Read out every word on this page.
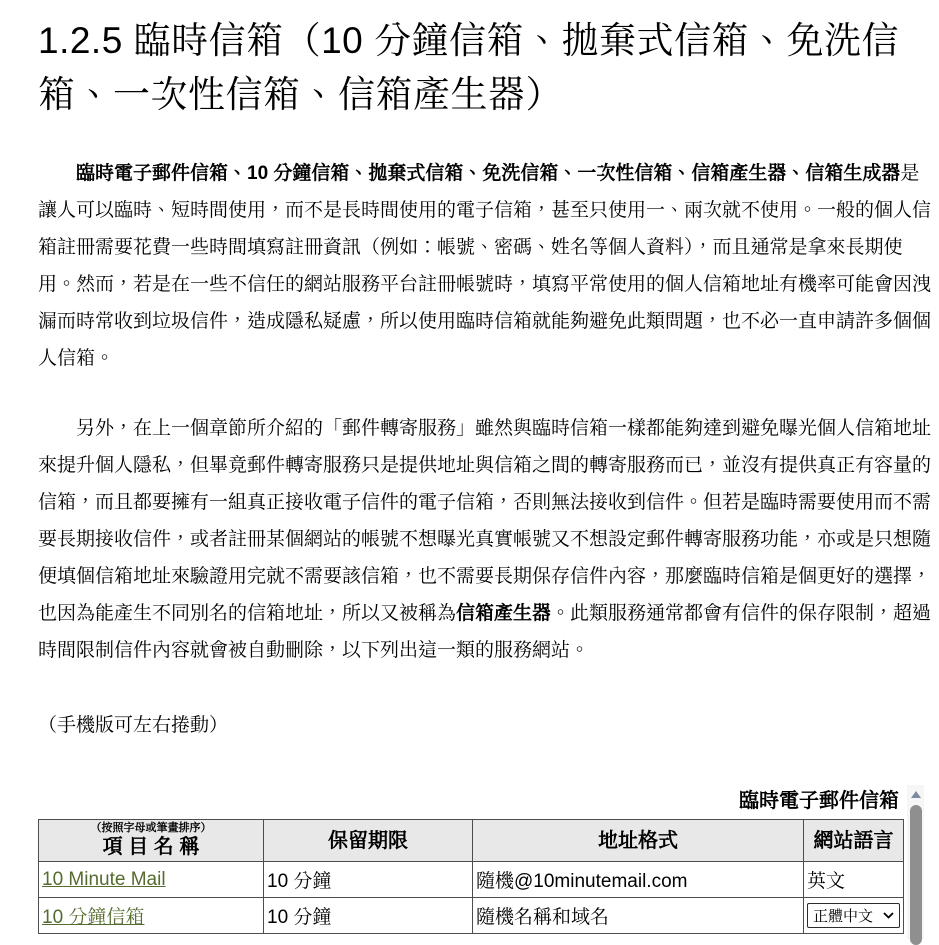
1.2.5 臨時信箱（10 分鐘信箱、拋棄式信箱、免洗信箱、一次性信箱、信箱產生器）

臨時電子郵件信箱、10 分鐘信箱、拋棄式信箱、免洗信箱、一次性信箱、信箱產生器、信箱生成器是讓人可以臨時、短時間使用，而不是長時間使用的電子信箱，甚至只使用一、兩次就不使用。一般的個人信箱註冊需要花費一些時間填寫註冊資訊（例如：帳號、密碼、姓名等個人資料），而且通常是拿來長期使用。然而，若是在一些不信任的網站服務平台註冊帳號時，填寫平常使用的個人信箱地址有機率可能會因洩漏而時常收到垃圾信件，造成隱私疑慮，所以使用臨時信箱就能夠避免此類問題，也不必一直申請許多個個人信箱。

另外，在上一個章節所介紹的「郵件轉寄服務」雖然與臨時信箱一樣都能夠達到避免曝光個人信箱地址來提升個人隱私，但畢竟郵件轉寄服務只是提供地址與信箱之間的轉寄服務而已，並沒有提供真正有容量的信箱，而且都要擁有一組真正接收電子信件的電子信箱，否則無法接收到信件。但若是臨時需要使用而不需要長期接收信件，或者註冊某個網站的帳號不想曝光真實帳號又不想設定郵件轉寄服務功能，亦或是只想隨便填個信箱地址來驗證用完就不需要該信箱，也不需要長期保存信件內容，那麼臨時信箱是個更好的選擇，也因為能產生不同別名的信箱地址，所以又被稱為信箱產生器。此類服務通常都會有信件的保存限制，超過時間限制信件內容就會被自動刪除，以下列出這一類的服務網站。

（手機版可左右捲動）

臨時電子郵件信箱
（按照字母或筆畫排序）
項 目 名 稱	保留期限	地址格式	網站語言

10 Minute Mail	10 分鐘	隨機@10minutemail.com	英文
10 分鐘信箱	10 分鐘	隨機名稱和域名	正體中文
